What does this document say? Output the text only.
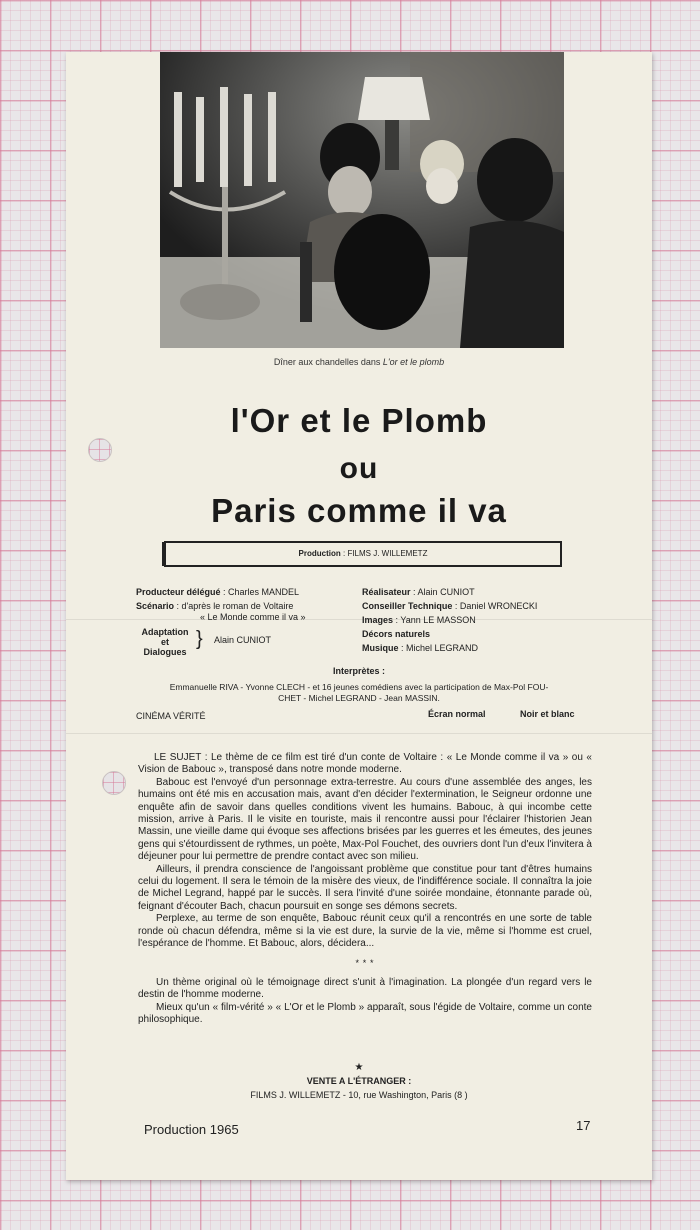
Dîner aux chandelles dans L'or et le plomb
l'Or et le Plomb
ou
Paris comme il va
Production : FILMS J. WILLEMETZ
Producteur délégué : Charles MANDEL
Scénario : d'après le roman de Voltaire
« Le Monde comme il va »
Adaptation
et
Dialogues
} Alain CUNIOT
Réalisateur : Alain CUNIOT
Conseiller Technique : Daniel WRONECKI
Images : Yann LE MASSON
Décors naturels
Musique : Michel LEGRAND
Interprètes :
Emmanuelle RIVA - Yvonne CLECH - et 16 jeunes comédiens avec la participation de Max-Pol FOU-
CHET - Michel LEGRAND - Jean MASSIN.
CINÉMA VÉRITÉ	Écran normal	Noir et blanc

LE SUJET : Le thème de ce film est tiré d'un conte de Voltaire : « Le Monde comme il va » ou « Vision de Babouc », transposé dans notre monde moderne.

Babouc est l'envoyé d'un personnage extra-terrestre. Au cours d'une assemblée des anges, les humains ont été mis en accusation mais, avant d'en décider l'extermination, le Seigneur ordonne une enquête afin de savoir dans quelles conditions vivent les humains. Babouc, à qui incombe cette mission, arrive à Paris. Il le visite en touriste, mais il rencontre aussi pour l'éclairer l'historien Jean Massin, une vieille dame qui évoque ses affections brisées par les guerres et les émeutes, des jeunes gens qui s'étourdissent de rythmes, un poète, Max-Pol Fouchet, des ouvriers dont l'un d'eux l'invitera à déjeuner pour lui permettre de prendre contact avec son milieu.

Ailleurs, il prendra conscience de l'angoissant problème que constitue pour tant d'êtres humains celui du logement. Il sera le témoin de la misère des vieux, de l'indifférence sociale. Il connaîtra la joie de Michel Legrand, happé par le succès. Il sera l'invité d'une soirée mondaine, étonnante parade où, feignant d'écouter Bach, chacun poursuit en songe ses démons secrets.

Perplexe, au terme de son enquête, Babouc réunit ceux qu'il a rencontrés en une sorte de table ronde où chacun défendra, même si la vie est dure, la survie de la vie, même si l'homme est cruel, l'espérance de l'homme. Et Babouc, alors, décidera...

* * *

Un thème original où le témoignage direct s'unit à l'imagination. La plongée d'un regard vers le destin de l'homme moderne.

Mieux qu'un « film-vérité » « L'Or et le Plomb » apparaît, sous l'égide de Voltaire, comme un conte philosophique.

★
VENTE A L'ÉTRANGER :
FILMS J. WILLEMETZ - 10, rue Washington, Paris (8 )
Production 1965	17
